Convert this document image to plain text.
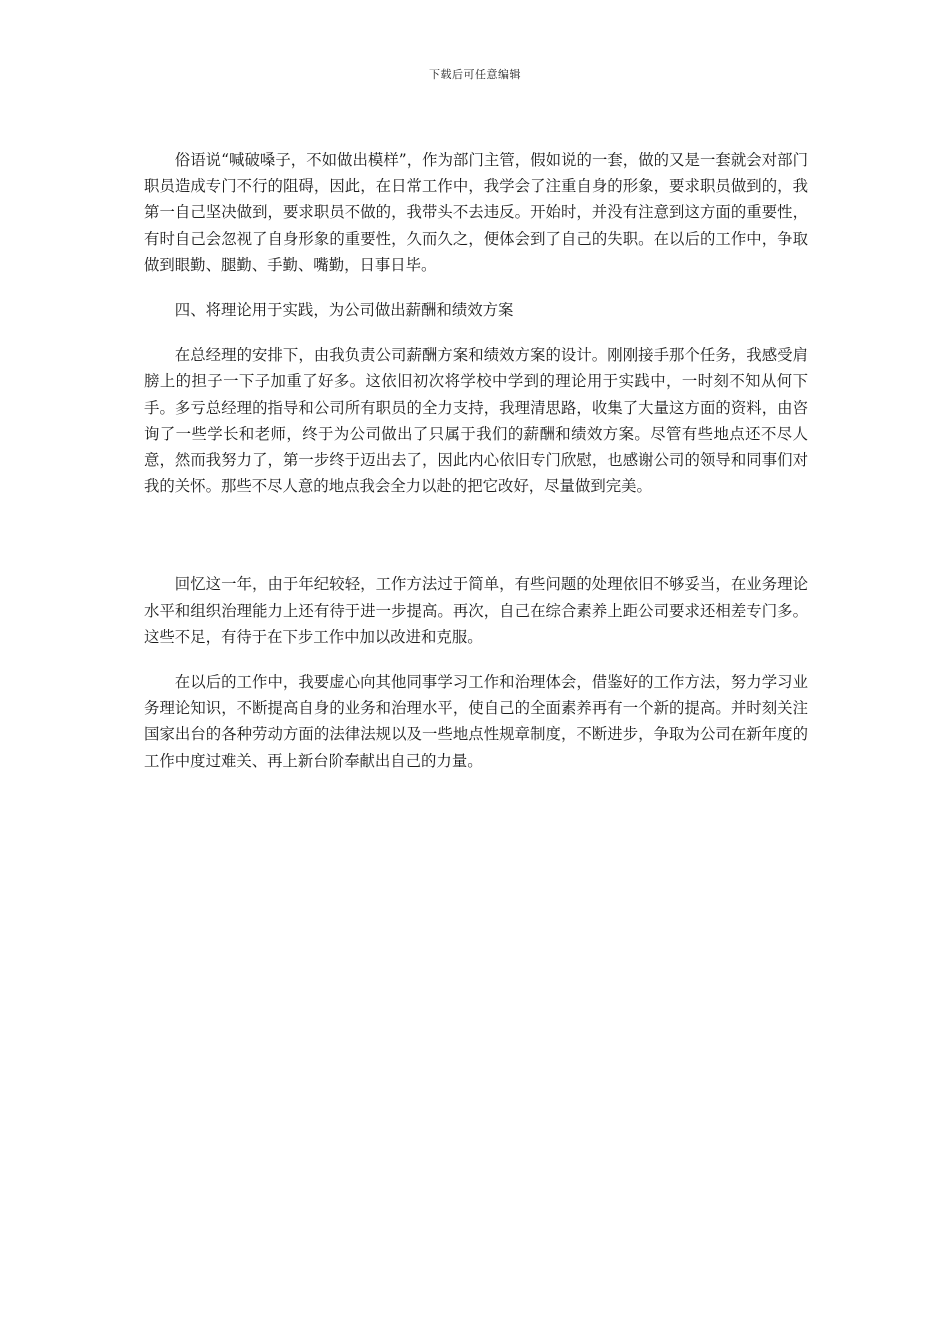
下载后可任意编辑

俗语说“喊破嗓子，不如做出模样”，作为部门主管，假如说的一套，做的又是一套就会对部门职员造成专门不行的阻碍，因此，在日常工作中，我学会了注重自身的形象，要求职员做到的，我第一自己坚决做到，要求职员不做的，我带头不去违反。开始时，并没有注意到这方面的重要性，有时自己会忽视了自身形象的重要性，久而久之，便体会到了自己的失职。在以后的工作中，争取做到眼勤、腿勤、手勤、嘴勤，日事日毕。

四、将理论用于实践，为公司做出薪酬和绩效方案

在总经理的安排下，由我负责公司薪酬方案和绩效方案的设计。刚刚接手那个任务，我感受肩膀上的担子一下子加重了好多。这依旧初次将学校中学到的理论用于实践中，一时刻不知从何下手。多亏总经理的指导和公司所有职员的全力支持，我理清思路，收集了大量这方面的资料，由咨询了一些学长和老师，终于为公司做出了只属于我们的薪酬和绩效方案。尽管有些地点还不尽人意，然而我努力了，第一步终于迈出去了，因此内心依旧专门欣慰，也感谢公司的领导和同事们对我的关怀。那些不尽人意的地点我会全力以赴的把它改好，尽量做到完美。

回忆这一年，由于年纪较轻，工作方法过于简单，有些问题的处理依旧不够妥当，在业务理论水平和组织治理能力上还有待于进一步提高。再次，自己在综合素养上距公司要求还相差专门多。这些不足，有待于在下步工作中加以改进和克服。

在以后的工作中，我要虚心向其他同事学习工作和治理体会，借鉴好的工作方法，努力学习业务理论知识，不断提高自身的业务和治理水平，使自己的全面素养再有一个新的提高。并时刻关注国家出台的各种劳动方面的法律法规以及一些地点性规章制度，不断进步，争取为公司在新年度的工作中度过难关、再上新台阶奉献出自己的力量。
